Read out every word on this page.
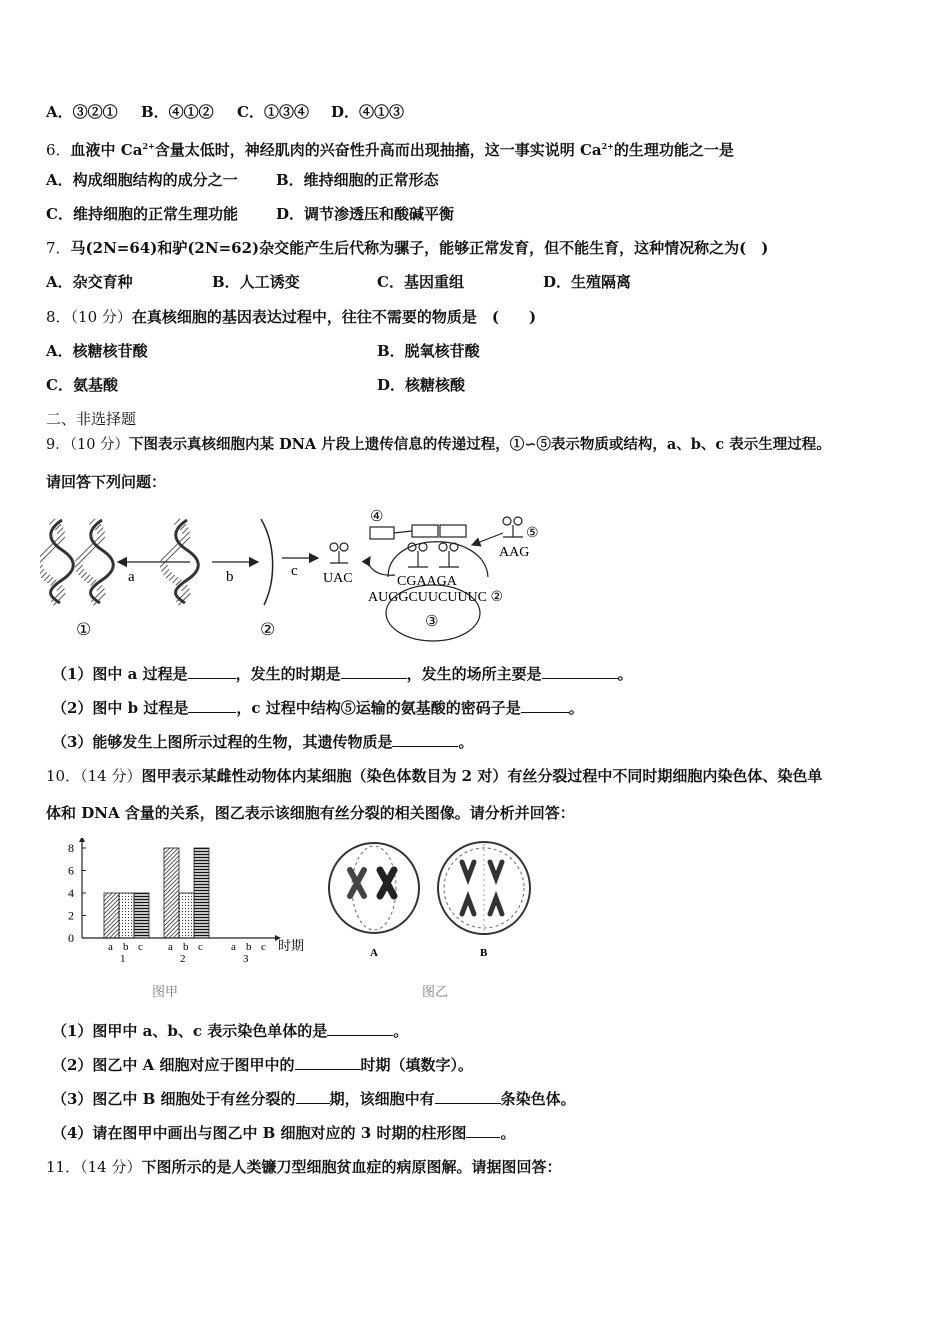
A．③②① B．④①② C．①③④ D．④①③
6．血液中 $Ca^{2+}$含量太低时，神经肌肉的兴奋性升高而出现抽搐，这一事实说明 $Ca^{2+}$的生理功能之一是
A．构成细胞结构的成分之一	B．维持细胞的正常形态
C．维持细胞的正常生理功能	D．调节渗透压和酸碱平衡
7．马(2N=64)和驴(2N=62)杂交能产生后代称为骡子，能够正常发育，但不能生育，这种情况称之为(　)
A．杂交育种	B．人工诱变	C．基因重组	D．生殖隔离
8．（10 分）在真核细胞的基因表达过程中，往往不需要的物质是　(　　)
A．核糖核苷酸	B．脱氧核苷酸
C．氨基酸	D．核糖核酸
二、非选择题
9．（10 分）下图表示真核细胞内某 DNA 片段上遗传信息的传递过程，①∽⑤表示物质或结构，a、b、c 表示生理过程。
请回答下列问题：
a	b	c
①	②
UAC	CGAAGA
AUGGCUUCUUUC ②
③
④
⑤
AAG
（1）图中 a 过程是	，发生的时期是	，发生的场所主要是	。
（2）图中 b 过程是	，c 过程中结构⑤运输的氨基酸的密码子是	。
（3）能够发生上图所示过程的生物，其遗传物质是	。
10．（14 分）图甲表示某雌性动物体内某细胞（染色体数目为 2 对）有丝分裂过程中不同时期细胞内染色体、染色单
体和 DNA 含量的关系，图乙表示该细胞有丝分裂的相关图像。请分析并回答：
0
2
4
6
8
a b c
1
a b c
2
a b c
3
时期
图甲
A	B
图乙
（1）图甲中 a、b、c 表示染色单体的是	。
（2）图乙中 A 细胞对应于图甲中的	时期（填数字）。
（3）图乙中 B 细胞处于有丝分裂的 期，该细胞中有	条染色体。
（4）请在图甲中画出与图乙中 B 细胞对应的 3 时期的柱形图 。
11．（14 分）下图所示的是人类镰刀型细胞贫血症的病原图解。请据图回答：
